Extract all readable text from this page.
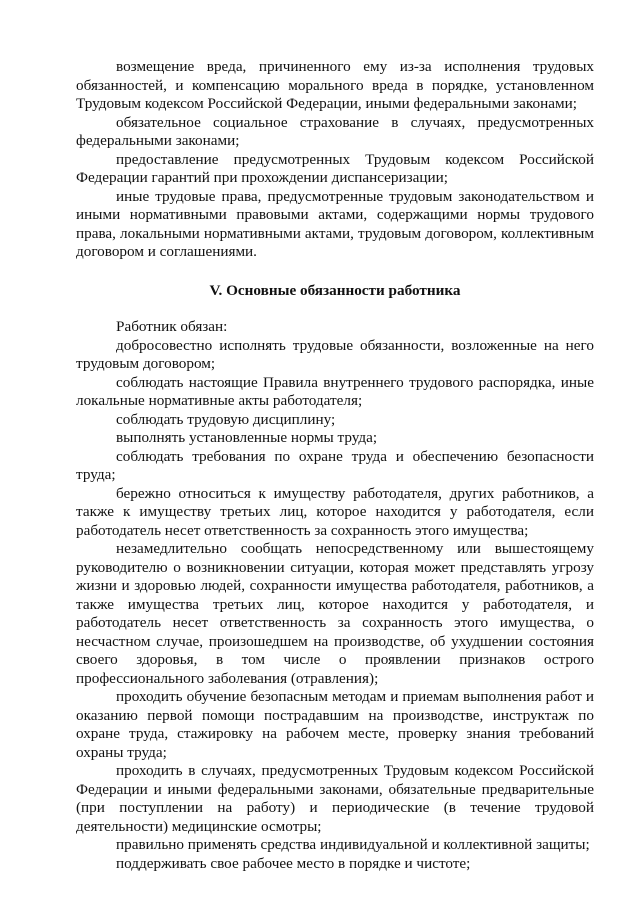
возмещение вреда, причиненного ему из-за исполнения трудовых обязанностей, и компенсацию морального вреда в порядке, установленном Трудовым кодексом Российской Федерации, иными федеральными законами;

обязательное социальное страхование в случаях, предусмотренных федеральными законами;

предоставление предусмотренных Трудовым кодексом Российской Федерации гарантий при прохождении диспансеризации;

иные трудовые права, предусмотренные трудовым законодательством и иными нормативными правовыми актами, содержащими нормы трудового права, локальными нормативными актами, трудовым договором, коллективным договором и соглашениями.

V. Основные обязанности работника

Работник обязан:

добросовестно исполнять трудовые обязанности, возложенные на него трудовым договором;

соблюдать настоящие Правила внутреннего трудового распорядка, иные локальные нормативные акты работодателя;

соблюдать трудовую дисциплину;

выполнять установленные нормы труда;

соблюдать требования по охране труда и обеспечению безопасности труда;

бережно относиться к имуществу работодателя, других работников, а также к имуществу третьих лиц, которое находится у работодателя, если работодатель несет ответственность за сохранность этого имущества;

незамедлительно сообщать непосредственному или вышестоящему руководителю о возникновении ситуации, которая может представлять угрозу жизни и здоровью людей, сохранности имущества работодателя, работников, а также имущества третьих лиц, которое находится у работодателя, и работодатель несет ответственность за сохранность этого имущества, о несчастном случае, произошедшем на производстве, об ухудшении состояния своего здоровья, в том числе о проявлении признаков острого профессионального заболевания (отравления);

проходить обучение безопасным методам и приемам выполнения работ и оказанию первой помощи пострадавшим на производстве, инструктаж по охране труда, стажировку на рабочем месте, проверку знания требований охраны труда;

проходить в случаях, предусмотренных Трудовым кодексом Российской Федерации и иными федеральными законами, обязательные предварительные (при поступлении на работу) и периодические (в течение трудовой деятельности) медицинские осмотры;

правильно применять средства индивидуальной и коллективной защиты;

поддерживать свое рабочее место в порядке и чистоте;
